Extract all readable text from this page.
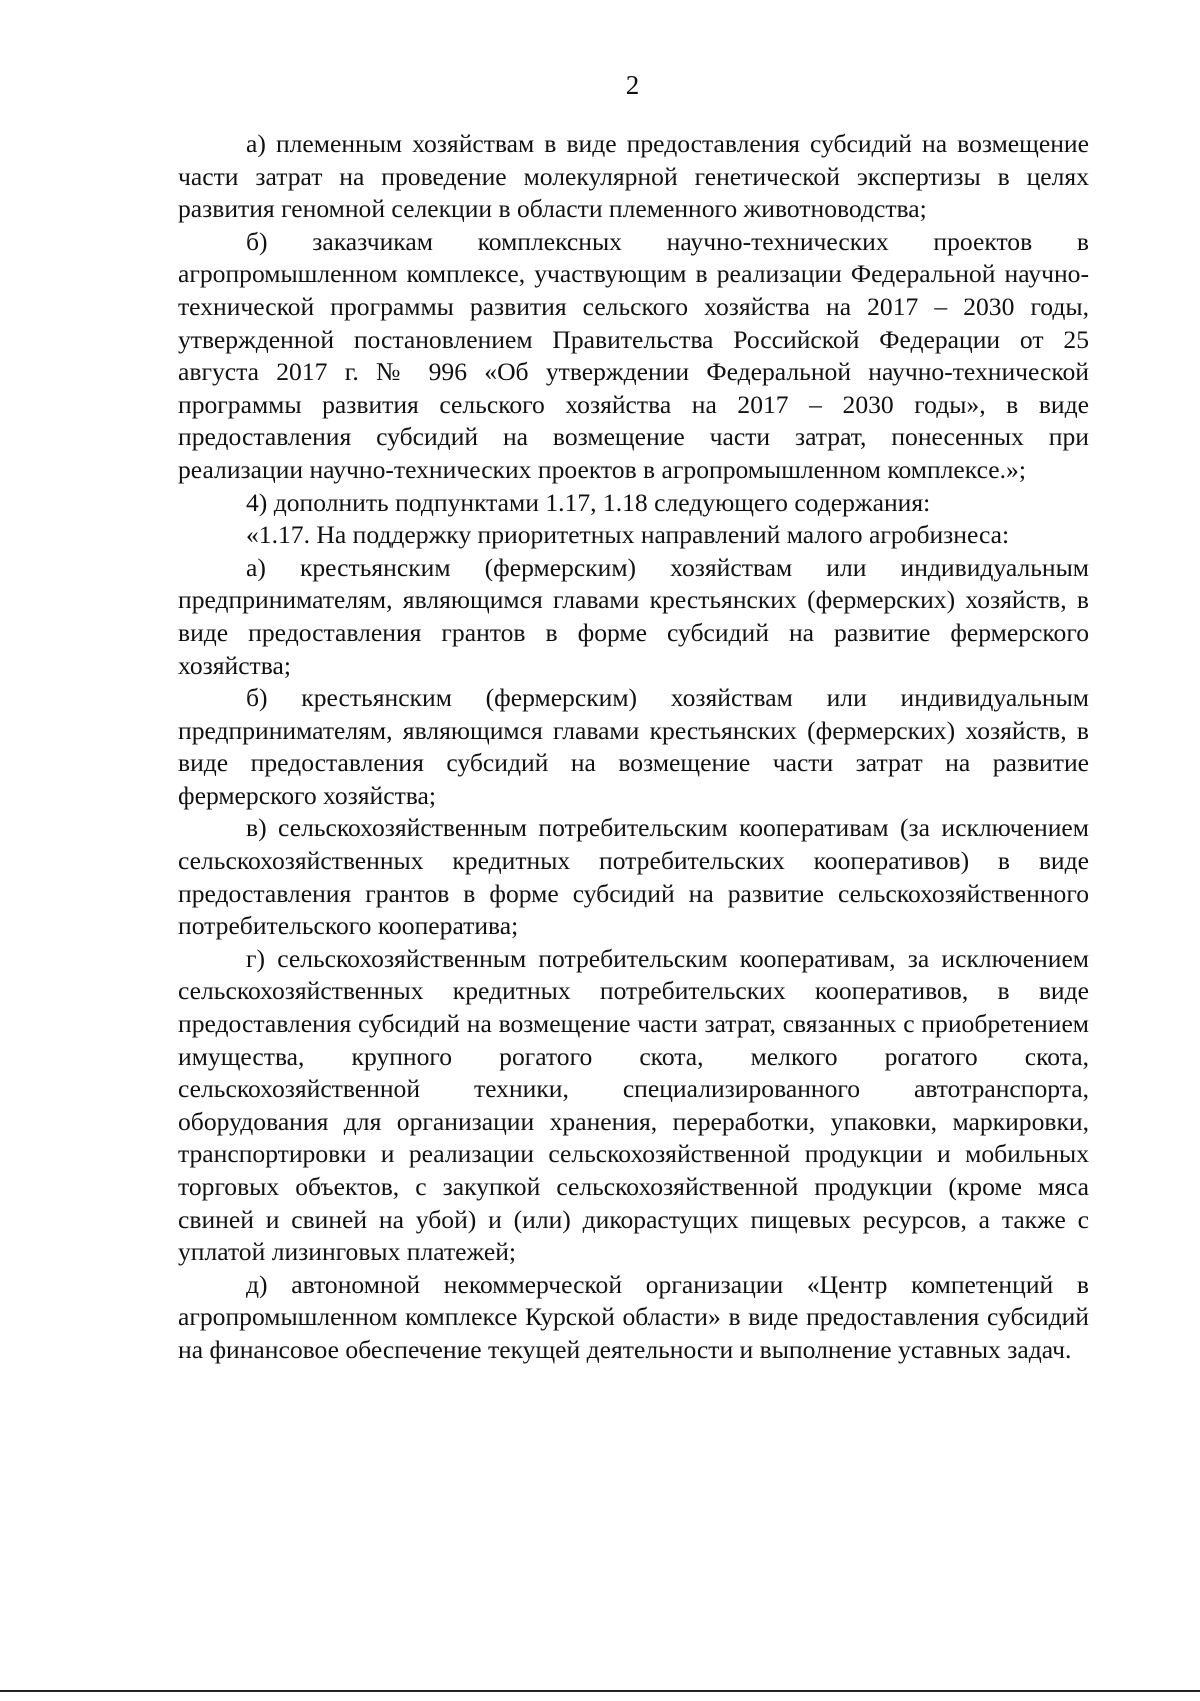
2

а) племенным хозяйствам в виде предоставления субсидий на возмещение части затрат на проведение молекулярной генетической экспертизы в целях развития геномной селекции в области племенного животноводства;

б) заказчикам комплексных научно-технических проектов в агропромышленном комплексе, участвующим в реализации Федеральной научно-технической программы развития сельского хозяйства на 2017 – 2030 годы, утвержденной постановлением Правительства Российской Федерации от 25 августа 2017 г. № 996 «Об утверждении Федеральной научно-технической программы развития сельского хозяйства на 2017 – 2030 годы», в виде предоставления субсидий на возмещение части затрат, понесенных при реализации научно-технических проектов в агропромышленном комплексе.»;

4) дополнить подпунктами 1.17, 1.18 следующего содержания:

«1.17. На поддержку приоритетных направлений малого агробизнеса:

а) крестьянским (фермерским) хозяйствам или индивидуальным предпринимателям, являющимся главами крестьянских (фермерских) хозяйств, в виде предоставления грантов в форме субсидий на развитие фермерского хозяйства;

б) крестьянским (фермерским) хозяйствам или индивидуальным предпринимателям, являющимся главами крестьянских (фермерских) хозяйств, в виде предоставления субсидий на возмещение части затрат на развитие фермерского хозяйства;

в) сельскохозяйственным потребительским кооперативам (за исключением сельскохозяйственных кредитных потребительских кооперативов) в виде предоставления грантов в форме субсидий на развитие сельскохозяйственного потребительского кооператива;

г) сельскохозяйственным потребительским кооперативам, за исключением сельскохозяйственных кредитных потребительских кооперативов, в виде предоставления субсидий на возмещение части затрат, связанных с приобретением имущества, крупного рогатого скота, мелкого рогатого скота, сельскохозяйственной техники, специализированного автотранспорта, оборудования для организации хранения, переработки, упаковки, маркировки, транспортировки и реализации сельскохозяйственной продукции и мобильных торговых объектов, с закупкой сельскохозяйственной продукции (кроме мяса свиней и свиней на убой) и (или) дикорастущих пищевых ресурсов, а также с уплатой лизинговых платежей;

д) автономной некоммерческой организации «Центр компетенций в агропромышленном комплексе Курской области» в виде предоставления субсидий на финансовое обеспечение текущей деятельности и выполнение уставных задач.
